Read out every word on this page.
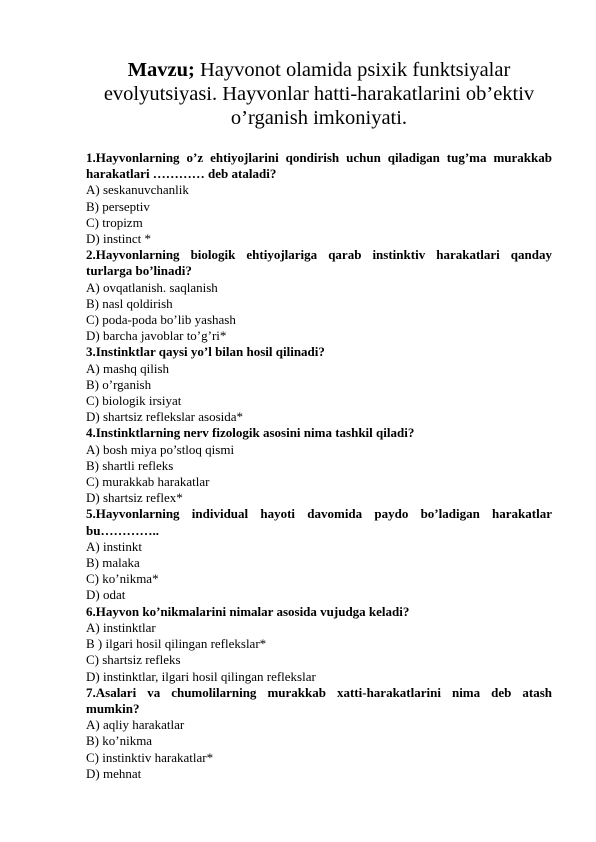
Mavzu; Hayvonot olamida psixik funktsiyalar evolyutsiyasi. Hayvonlar hatti-harakatlarini ob’ektiv o’rganish imkoniyati.
1.Hayvonlarning o’z ehtiyojlarini qondirish uchun qiladigan tug’ma murakkab harakatlari ………… deb ataladi?
A) seskanuvchanlik
B) perseptiv
C) tropizm
D) instinct *
2.Hayvonlarning biologik ehtiyojlariga qarab instinktiv harakatlari qanday turlarga bo’linadi?
A) ovqatlanish. saqlanish
B) nasl qoldirish
C) poda-poda bo’lib yashash
D) barcha javoblar to’g’ri*
3.Instinktlar qaysi yo’l bilan hosil qilinadi?
A) mashq qilish
B) o’rganish
C) biologik irsiyat
D) shartsiz reflekslar asosida*
4.Instinktlarning nerv fizologik asosini nima tashkil qiladi?
A) bosh miya po’stloq qismi
B) shartli refleks
C) murakkab harakatlar
D) shartsiz reflex*
5.Hayvonlarning individual hayoti davomida paydo bo’ladigan harakatlar bu…………..
A) instinkt
B) malaka
C) ko’nikma*
D) odat
6.Hayvon ko’nikmalarini nimalar asosida vujudga keladi?
A) instinktlar
B ) ilgari hosil qilingan reflekslar*
C) shartsiz refleks
D) instinktlar, ilgari hosil qilingan reflekslar
7.Asalari va chumolilarning murakkab xatti-harakatlarini nima deb atash mumkin?
A) aqliy harakatlar
B) ko’nikma
C) instinktiv harakatlar*
D) mehnat
